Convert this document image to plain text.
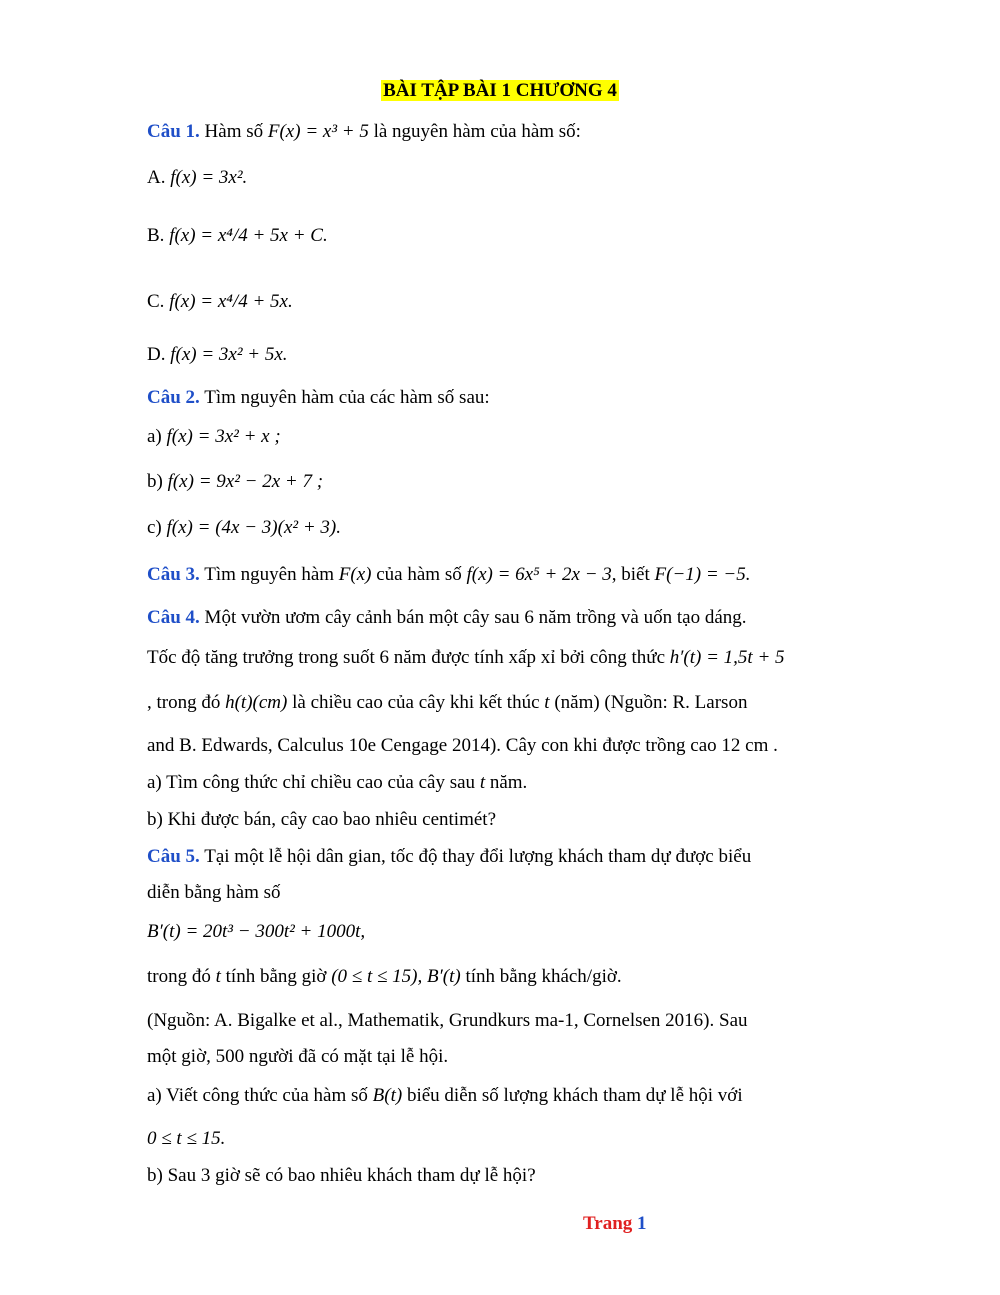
BÀI TẬP BÀI 1 CHƯƠNG 4
Câu 1. Hàm số F(x) = x³ + 5 là nguyên hàm của hàm số:
A. f(x) = 3x².
B. f(x) = x⁴/4 + 5x + C.
C. f(x) = x⁴/4 + 5x.
D. f(x) = 3x² + 5x.
Câu 2. Tìm nguyên hàm của các hàm số sau:
a) f(x) = 3x² + x ;
b) f(x) = 9x² − 2x + 7 ;
c) f(x) = (4x − 3)(x² + 3).
Câu 3. Tìm nguyên hàm F(x) của hàm số f(x) = 6x⁵ + 2x − 3, biết F(−1) = −5.
Câu 4. Một vườn ươm cây cảnh bán một cây sau 6 năm trồng và uốn tạo dáng.
Tốc độ tăng trưởng trong suốt 6 năm được tính xấp xỉ bởi công thức h′(t) = 1,5t + 5
, trong đó h(t)(cm) là chiều cao của cây khi kết thúc t (năm) (Nguồn: R. Larson
and B. Edwards, Calculus 10e Cengage 2014). Cây con khi được trồng cao 12 cm .
a) Tìm công thức chỉ chiều cao của cây sau t năm.
b) Khi được bán, cây cao bao nhiêu centimét?
Câu 5. Tại một lễ hội dân gian, tốc độ thay đổi lượng khách tham dự được biểu
diễn bằng hàm số
B′(t) = 20t³ − 300t² + 1000t,
trong đó t tính bằng giờ (0 ≤ t ≤ 15), B′(t) tính bằng khách/giờ.
(Nguồn: A. Bigalke et al., Mathematik, Grundkurs ma-1, Cornelsen 2016). Sau
một giờ, 500 người đã có mặt tại lễ hội.
a) Viết công thức của hàm số B(t) biểu diễn số lượng khách tham dự lễ hội với
0 ≤ t ≤ 15.
b) Sau 3 giờ sẽ có bao nhiêu khách tham dự lễ hội?
Trang 1
